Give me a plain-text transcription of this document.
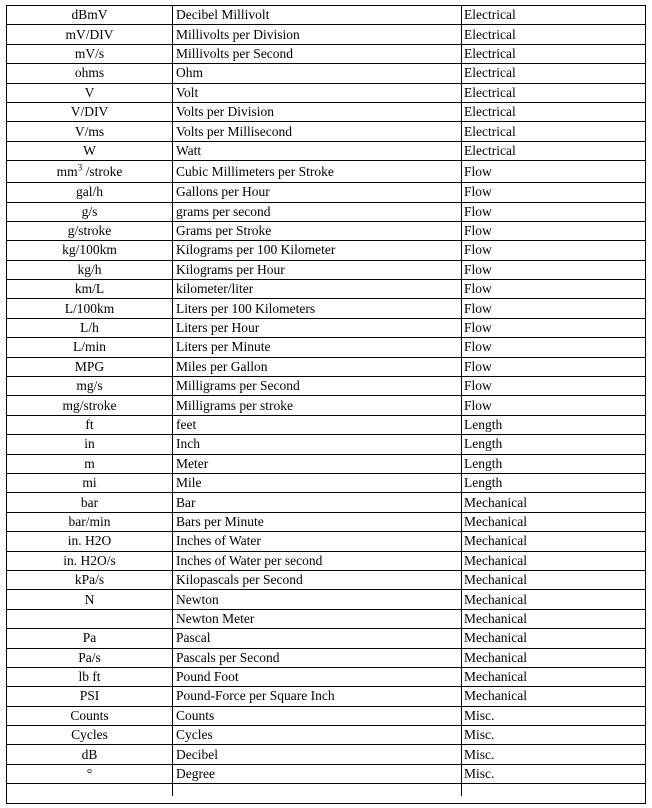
dBmV	Decibel Millivolt	Electrical
mV/DIV	Millivolts per Division	Electrical
mV/s	Millivolts per Second	Electrical
ohms	Ohm	Electrical
V	Volt	Electrical
V/DIV	Volts per Division	Electrical
V/ms	Volts per Millisecond	Electrical
W	Watt	Electrical
$mm^3$ /stroke	Cubic Millimeters per Stroke	Flow
gal/h	Gallons per Hour	Flow
g/s	grams per second	Flow
g/stroke	Grams per Stroke	Flow
kg/100km	Kilograms per 100 Kilometer	Flow
kg/h	Kilograms per Hour	Flow
km/L	kilometer/liter	Flow
L/100km	Liters per 100 Kilometers	Flow
L/h	Liters per Hour	Flow
L/min	Liters per Minute	Flow
MPG	Miles per Gallon	Flow
mg/s	Milligrams per Second	Flow
mg/stroke	Milligrams per stroke	Flow
ft	feet	Length
in	Inch	Length
m	Meter	Length
mi	Mile	Length
bar	Bar	Mechanical
bar/min	Bars per Minute	Mechanical
in. H2O	Inches of Water	Mechanical
in. H2O/s	Inches of Water per second	Mechanical
kPa/s	Kilopascals per Second	Mechanical
N	Newton	Mechanical
	Newton Meter	Mechanical
Pa	Pascal	Mechanical
Pa/s	Pascals per Second	Mechanical
lb ft	Pound Foot	Mechanical
PSI	Pound-Force per Square Inch	Mechanical
Counts	Counts	Misc.
Cycles	Cycles	Misc.
dB	Decibel	Misc.
°	Degree	Misc.
